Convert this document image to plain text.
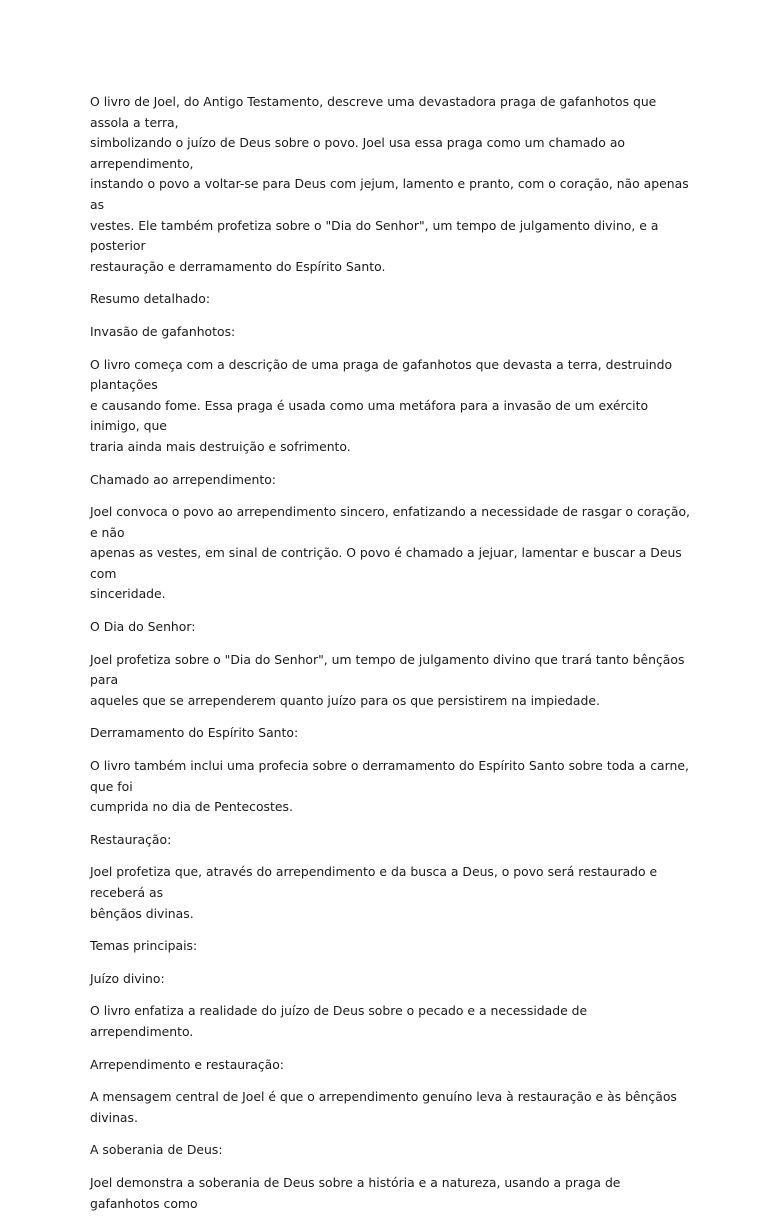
O livro de Joel, do Antigo Testamento, descreve uma devastadora praga de gafanhotos que assola a terra,
simbolizando o juízo de Deus sobre o povo. Joel usa essa praga como um chamado ao arrependimento,
instando o povo a voltar-se para Deus com jejum, lamento e pranto, com o coração, não apenas as
vestes. Ele também profetiza sobre o "Dia do Senhor", um tempo de julgamento divino, e a posterior
restauração e derramamento do Espírito Santo.

Resumo detalhado:

Invasão de gafanhotos:

O livro começa com a descrição de uma praga de gafanhotos que devasta a terra, destruindo plantações
e causando fome. Essa praga é usada como uma metáfora para a invasão de um exército inimigo, que
traria ainda mais destruição e sofrimento.

Chamado ao arrependimento:

Joel convoca o povo ao arrependimento sincero, enfatizando a necessidade de rasgar o coração, e não
apenas as vestes, em sinal de contrição. O povo é chamado a jejuar, lamentar e buscar a Deus com
sinceridade.

O Dia do Senhor:

Joel profetiza sobre o "Dia do Senhor", um tempo de julgamento divino que trará tanto bênçãos para
aqueles que se arrependerem quanto juízo para os que persistirem na impiedade.

Derramamento do Espírito Santo:

O livro também inclui uma profecia sobre o derramamento do Espírito Santo sobre toda a carne, que foi
cumprida no dia de Pentecostes.

Restauração:

Joel profetiza que, através do arrependimento e da busca a Deus, o povo será restaurado e receberá as
bênçãos divinas.

Temas principais:

Juízo divino:

O livro enfatiza a realidade do juízo de Deus sobre o pecado e a necessidade de arrependimento.

Arrependimento e restauração:

A mensagem central de Joel é que o arrependimento genuíno leva à restauração e às bênçãos divinas.

A soberania de Deus:

Joel demonstra a soberania de Deus sobre a história e a natureza, usando a praga de gafanhotos como
